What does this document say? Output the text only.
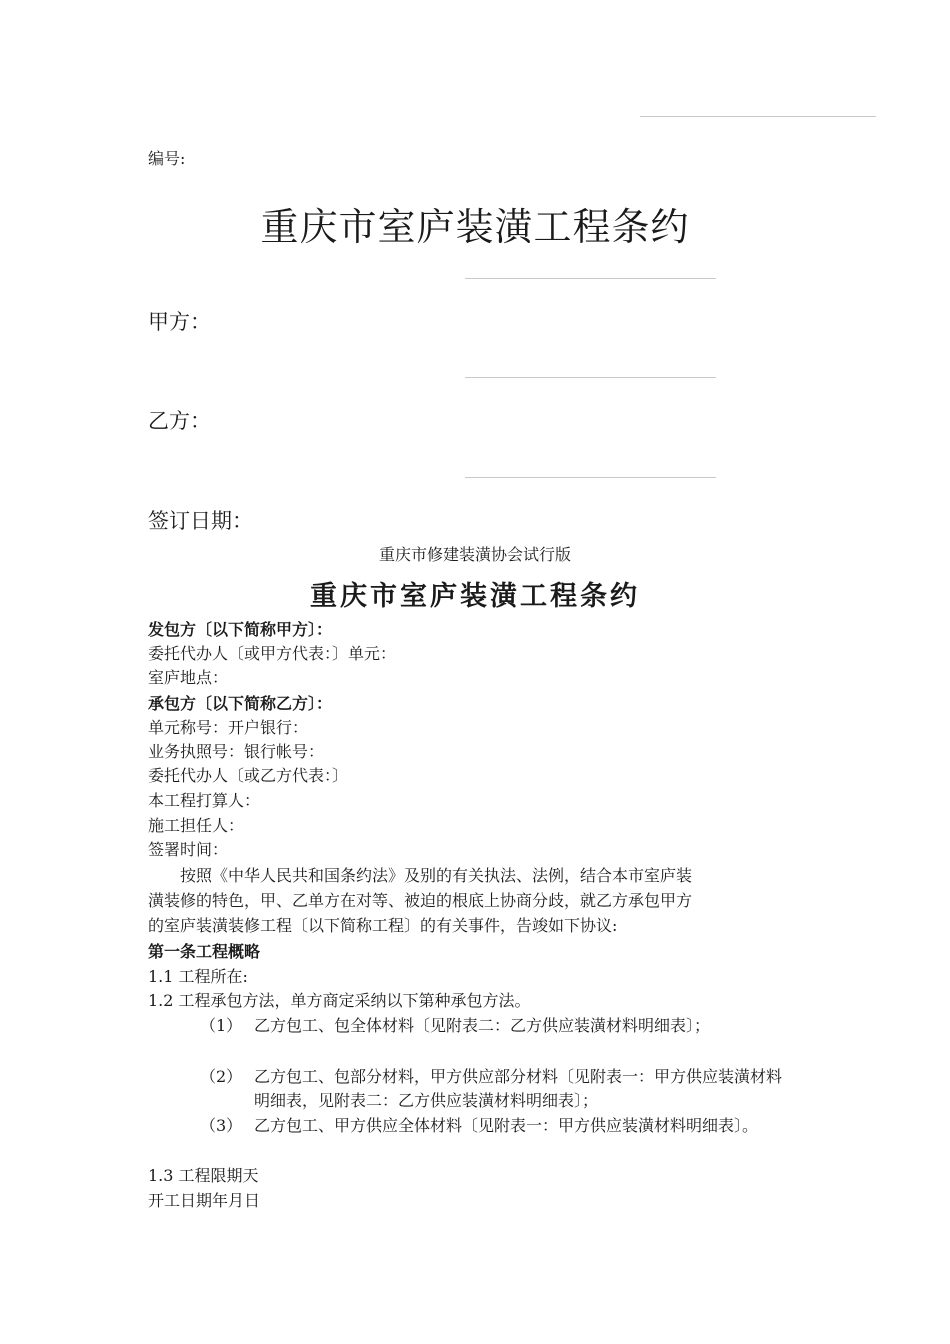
编号:
重庆市室庐装潢工程条约
甲方：
乙方：
签订日期：
重庆市修建装潢协会试行版
重庆市室庐装潢工程条约
发包方〔以下简称甲方〕：
委托代办人〔或甲方代表：〕单元：
室庐地点：
承包方〔以下简称乙方〕：
单元称号：开户银行：
业务执照号：银行帐号：
委托代办人〔或乙方代表：〕
本工程打算人：
施工担任人：
签署时间：
　　按照《中华人民共和国条约法》及别的有关执法、法例，结合本市室庐装
潢装修的特色，甲、乙单方在对等、被迫的根底上协商分歧，就乙方承包甲方
的室庐装潢装修工程〔以下简称工程〕的有关事件，告竣如下协议:
第一条工程概略
1.1 工程所在:
1.2 工程承包方法，单方商定采纳以下第种承包方法。
（1） 乙方包工、包全体材料〔见附表二：乙方供应装潢材料明细表〕；
（2） 乙方包工、包部分材料，甲方供应部分材料〔见附表一：甲方供应装潢材料明细表，见附表二：乙方供应装潢材料明细表〕；
（3） 乙方包工、甲方供应全体材料〔见附表一：甲方供应装潢材料明细表〕。
1.3 工程限期天
开工日期年月日
